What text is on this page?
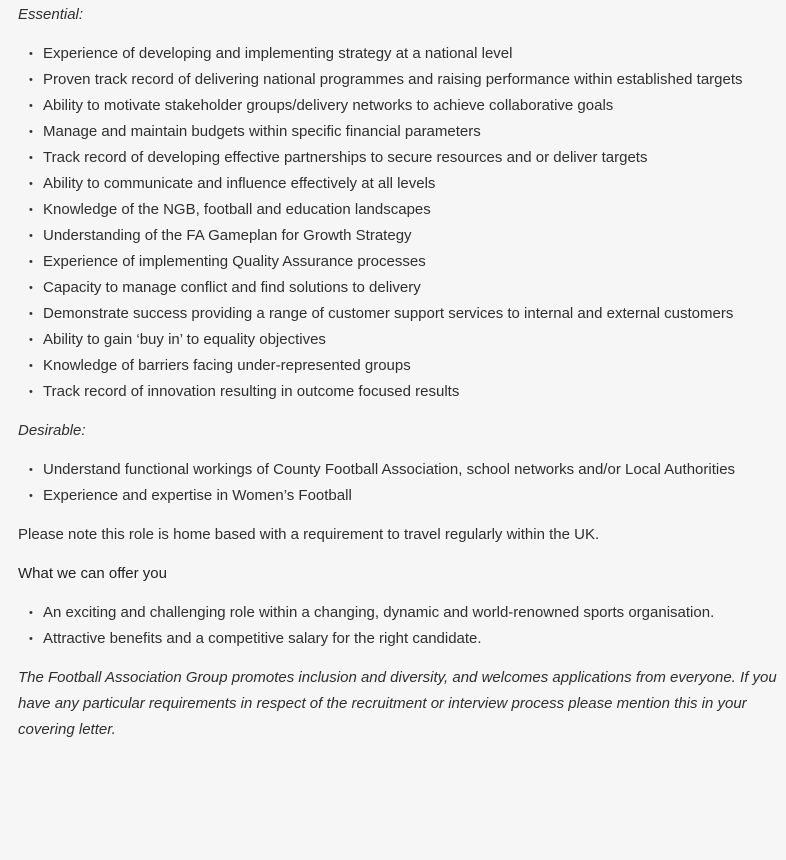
Essential:

• Experience of developing and implementing strategy at a national level
• Proven track record of delivering national programmes and raising performance within established targets
• Ability to motivate stakeholder groups/delivery networks to achieve collaborative goals
• Manage and maintain budgets within specific financial parameters
• Track record of developing effective partnerships to secure resources and or deliver targets
• Ability to communicate and influence effectively at all levels
• Knowledge of the NGB, football and education landscapes
• Understanding of the FA Gameplan for Growth Strategy
• Experience of implementing Quality Assurance processes
• Capacity to manage conflict and find solutions to delivery
• Demonstrate success providing a range of customer support services to internal and external customers
• Ability to gain ‘buy in’ to equality objectives
• Knowledge of barriers facing under-represented groups
• Track record of innovation resulting in outcome focused results

Desirable:

• Understand functional workings of County Football Association, school networks and/or Local Authorities
• Experience and expertise in Women’s Football

Please note this role is home based with a requirement to travel regularly within the UK.

What we can offer you

• An exciting and challenging role within a changing, dynamic and world-renowned sports organisation.
• Attractive benefits and a competitive salary for the right candidate.

The Football Association Group promotes inclusion and diversity, and welcomes applications from everyone. If you have any particular requirements in respect of the recruitment or interview process please mention this in your covering letter.
